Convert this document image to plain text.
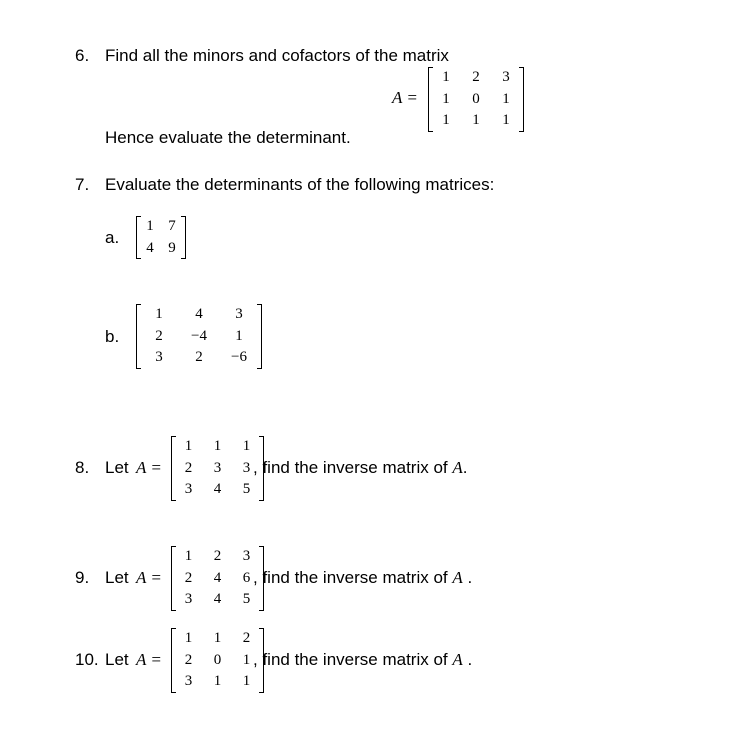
6. Find all the minors and cofactors of the matrix
A =
1	2	3
1	0	1
1	1	1
Hence evaluate the determinant.
7. Evaluate the determinants of the following matrices:
a.
1	7
4	9
b.
1	4	3
2	−4	1
3	2	−6
8. Let A =
1	1	1
2	3	3
3	4	5
, find the inverse matrix of A.
9. Let A =
1	2	3
2	4	6
3	4	5
, find the inverse matrix of A .
10. Let A =
1	1	2
2	0	1
3	1	1
, find the inverse matrix of A .
